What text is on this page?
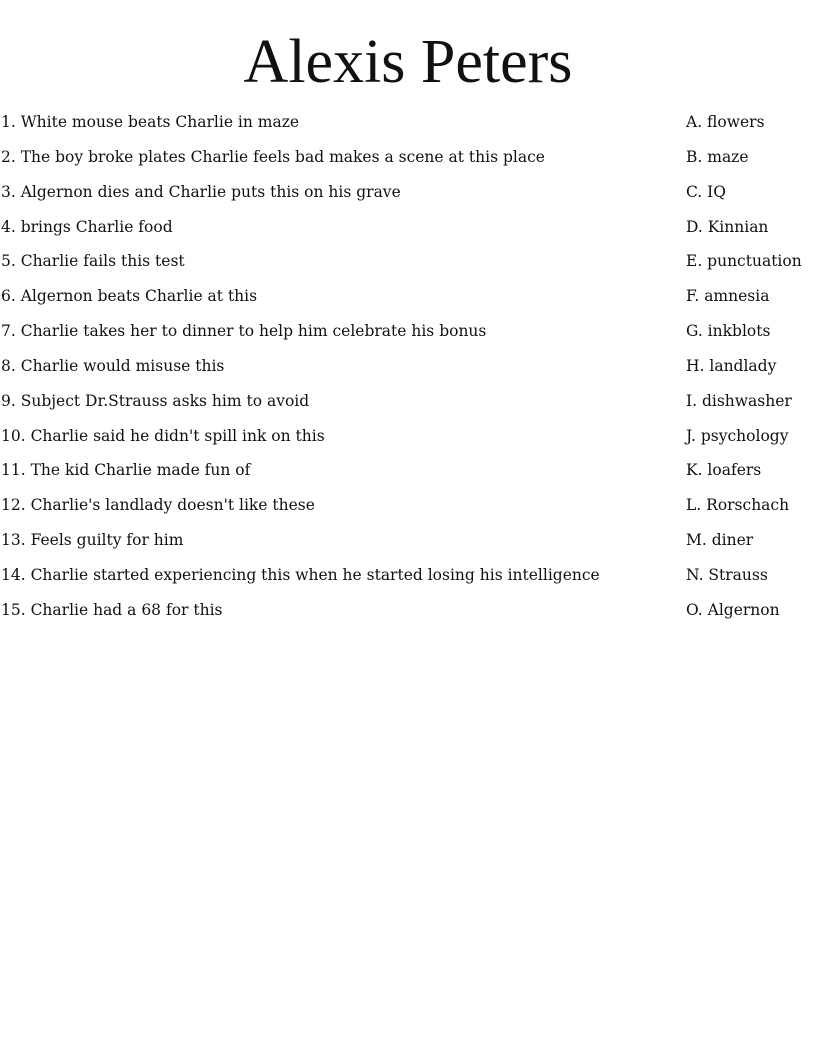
Alexis Peters
1. White mouse beats Charlie in maze	A. flowers
2. The boy broke plates Charlie feels bad makes a scene at this place	B. maze
3. Algernon dies and Charlie puts this on his grave	C. IQ
4. brings Charlie food	D. Kinnian
5. Charlie fails this test	E. punctuation
6. Algernon beats Charlie at this	F. amnesia
7. Charlie takes her to dinner to help him celebrate his bonus	G. inkblots
8. Charlie would misuse this	H. landlady
9. Subject Dr.Strauss asks him to avoid	I. dishwasher
10. Charlie said he didn't spill ink on this	J. psychology
11. The kid Charlie made fun of	K. loafers
12. Charlie's landlady doesn't like these	L. Rorschach
13. Feels guilty for him	M. diner
14. Charlie started experiencing this when he started losing his intelligence	N. Strauss
15. Charlie had a 68 for this	O. Algernon
